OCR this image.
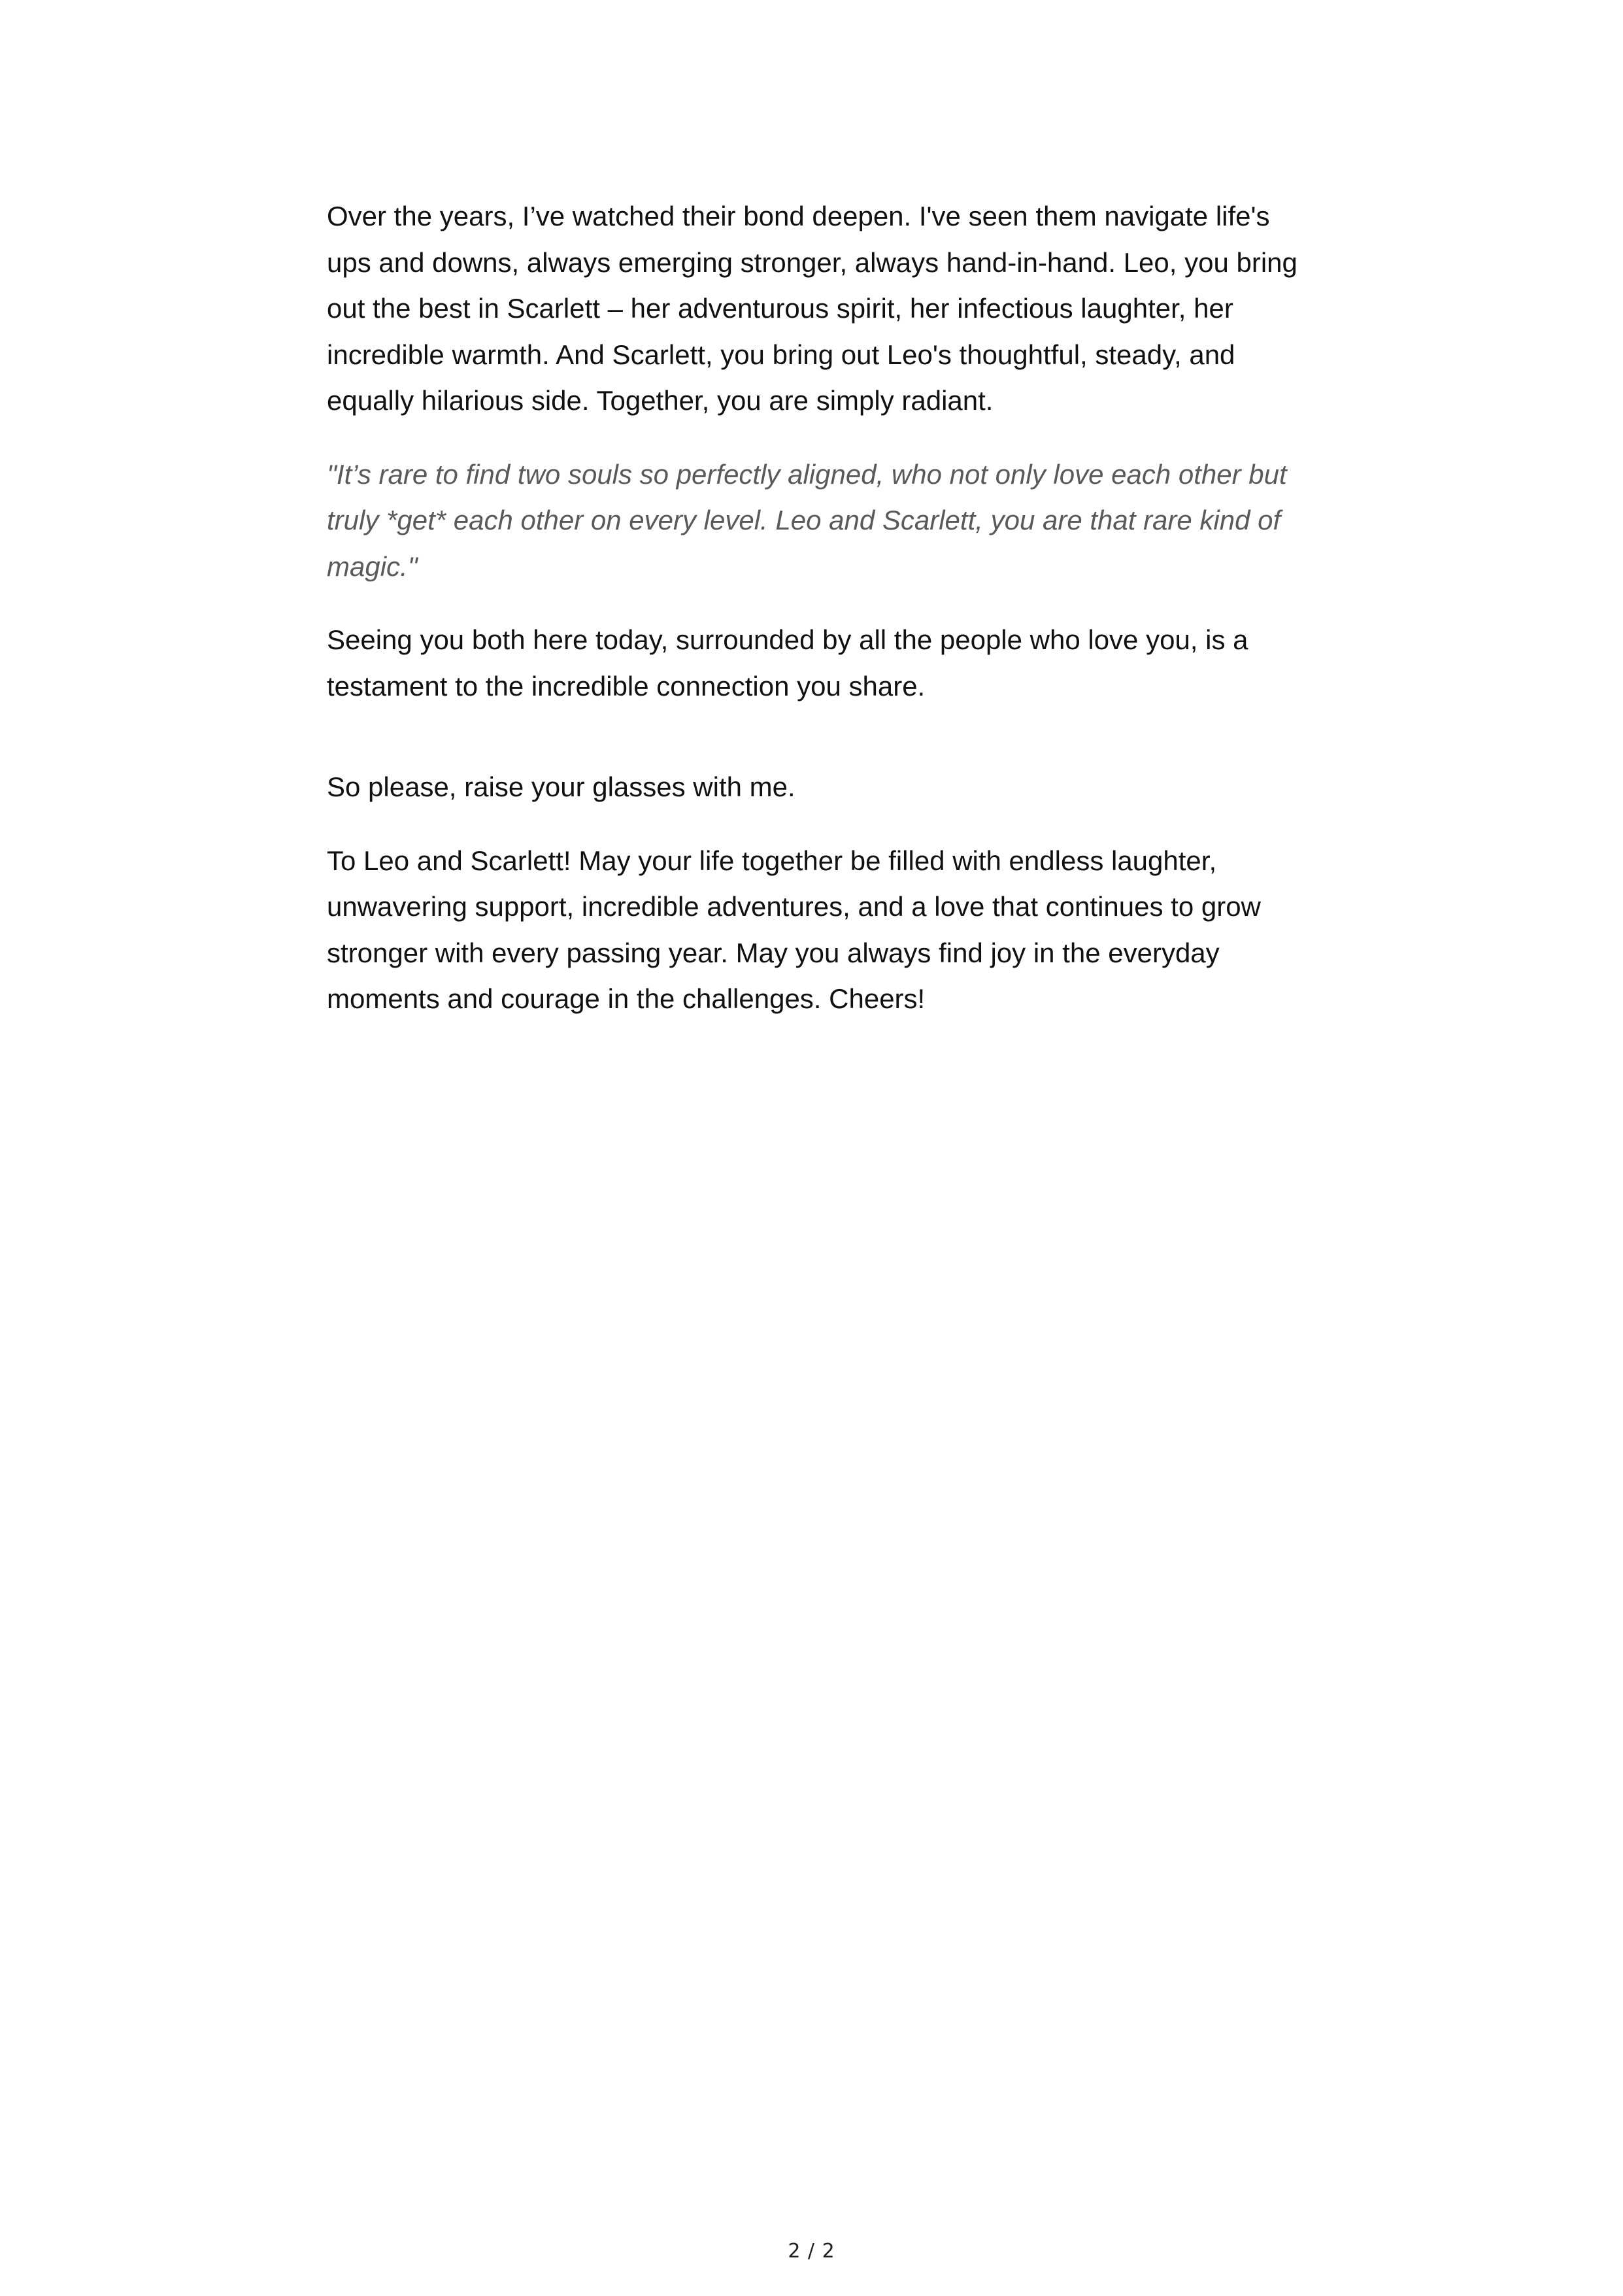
Over the years, I’ve watched their bond deepen. I've seen them navigate life's ups and downs, always emerging stronger, always hand-in-hand. Leo, you bring out the best in Scarlett – her adventurous spirit, her infectious laughter, her incredible warmth. And Scarlett, you bring out Leo's thoughtful, steady, and equally hilarious side. Together, you are simply radiant.

"It’s rare to find two souls so perfectly aligned, who not only love each other but truly *get* each other on every level. Leo and Scarlett, you are that rare kind of magic."

Seeing you both here today, surrounded by all the people who love you, is a testament to the incredible connection you share.

So please, raise your glasses with me.

To Leo and Scarlett! May your life together be filled with endless laughter, unwavering support, incredible adventures, and a love that continues to grow stronger with every passing year. May you always find joy in the everyday moments and courage in the challenges. Cheers!

2 / 2
